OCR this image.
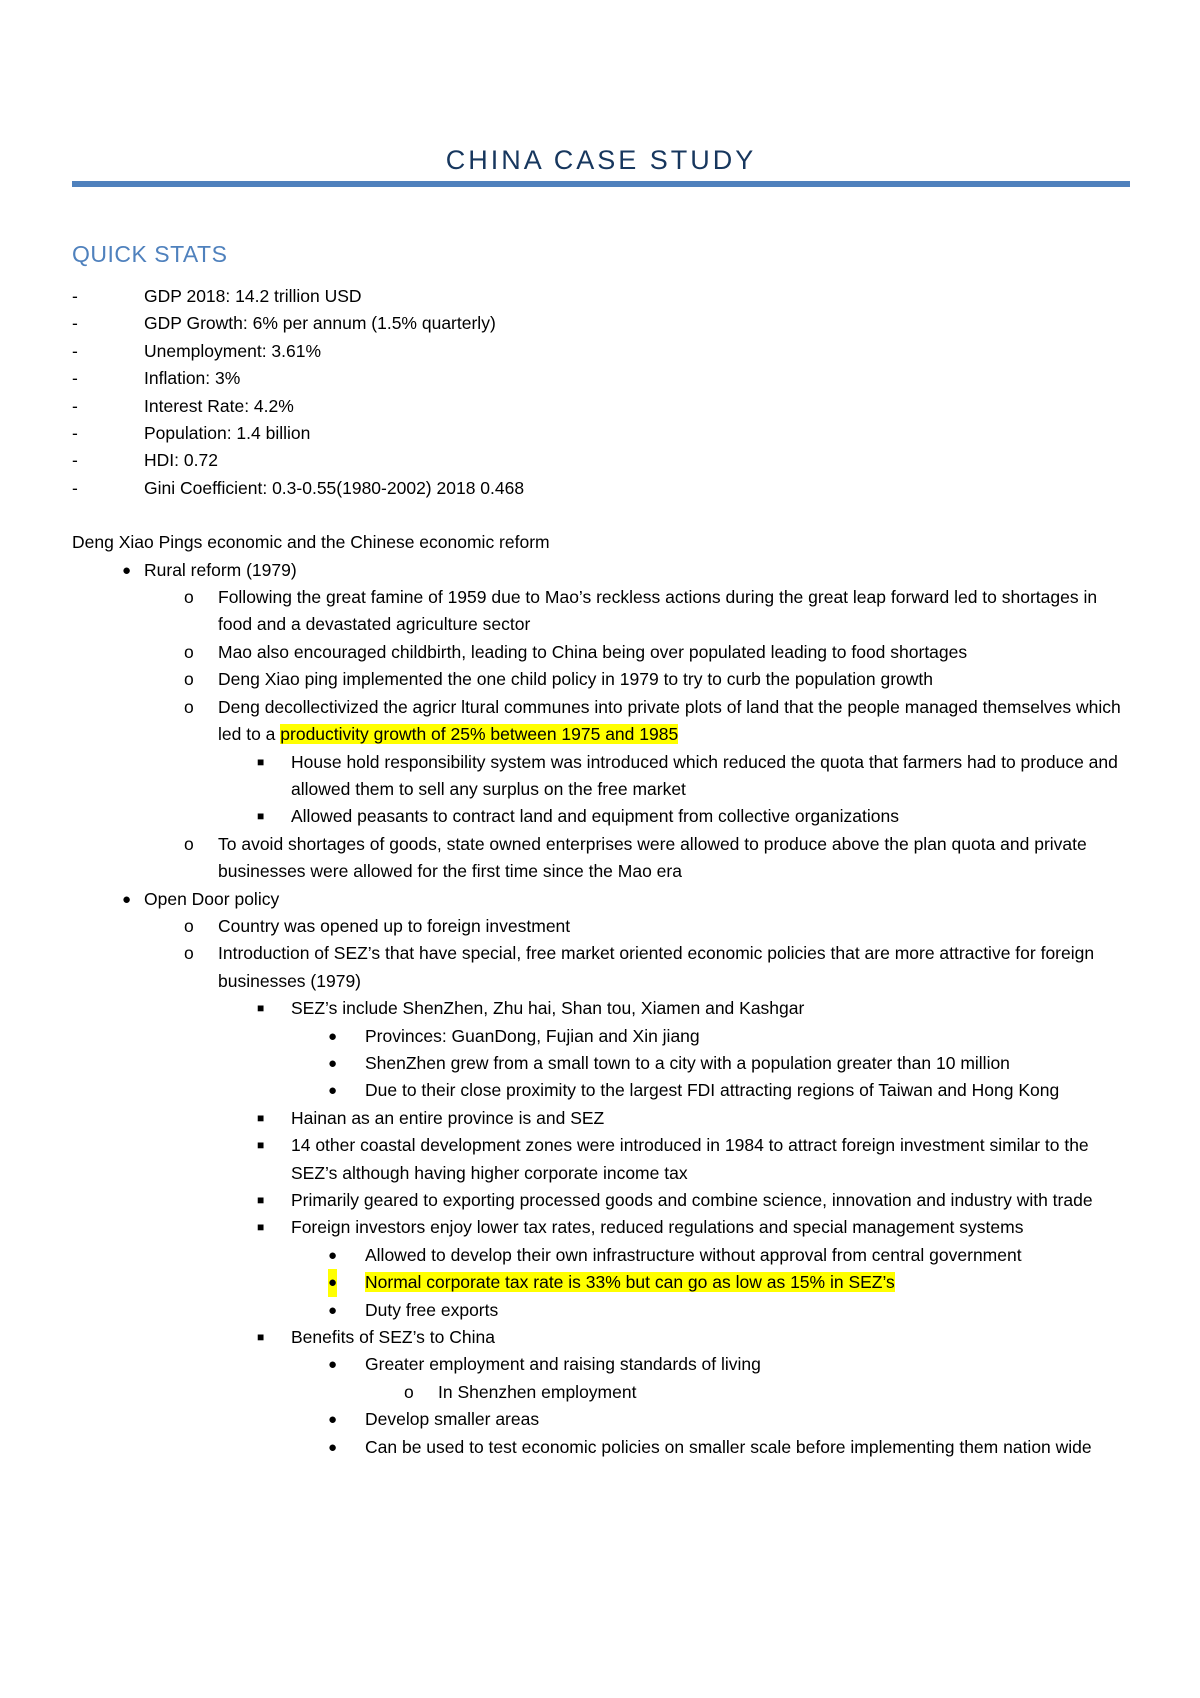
CHINA CASE STUDY
QUICK STATS
-	GDP 2018: 14.2 trillion USD
-	GDP Growth: 6% per annum (1.5% quarterly)
-	Unemployment: 3.61%
-	Inflation: 3%
-	Interest Rate: 4.2%
-	Population: 1.4 billion
-	HDI: 0.72
-	Gini Coefficient: 0.3-0.55(1980-2002) 2018 0.468
Deng Xiao Pings economic and the Chinese economic reform
● Rural reform (1979)
o Following the great famine of 1959 due to Mao’s reckless actions during the great leap forward led to shortages in food and a devastated agriculture sector
o Mao also encouraged childbirth, leading to China being over populated leading to food shortages
o Deng Xiao ping implemented the one child policy in 1979 to try to curb the population growth
o Deng decollectivized the agricr ltural communes into private plots of land that the people managed themselves which led to a productivity growth of 25% between 1975 and 1985
■ House hold responsibility system was introduced which reduced the quota that farmers had to produce and allowed them to sell any surplus on the free market
■ Allowed peasants to contract land and equipment from collective organizations
o To avoid shortages of goods, state owned enterprises were allowed to produce above the plan quota and private businesses were allowed for the first time since the Mao era
● Open Door policy
o Country was opened up to foreign investment
o Introduction of SEZ’s that have special, free market oriented economic policies that are more attractive for foreign businesses (1979)
■ SEZ’s include ShenZhen, Zhu hai, Shan tou, Xiamen and Kashgar
● Provinces: GuanDong, Fujian and Xin jiang
● ShenZhen grew from a small town to a city with a population greater than 10 million
● Due to their close proximity to the largest FDI attracting regions of Taiwan and Hong Kong
■ Hainan as an entire province is and SEZ
■ 14 other coastal development zones were introduced in 1984 to attract foreign investment similar to the SEZ’s although having higher corporate income tax
■ Primarily geared to exporting processed goods and combine science, innovation and industry with trade
■ Foreign investors enjoy lower tax rates, reduced regulations and special management systems
● Allowed to develop their own infrastructure without approval from central government
● Normal corporate tax rate is 33% but can go as low as 15% in SEZ’s
● Duty free exports
■ Benefits of SEZ’s to China
● Greater employment and raising standards of living
o In Shenzhen employment
● Develop smaller areas
● Can be used to test economic policies on smaller scale before implementing them nation wide
